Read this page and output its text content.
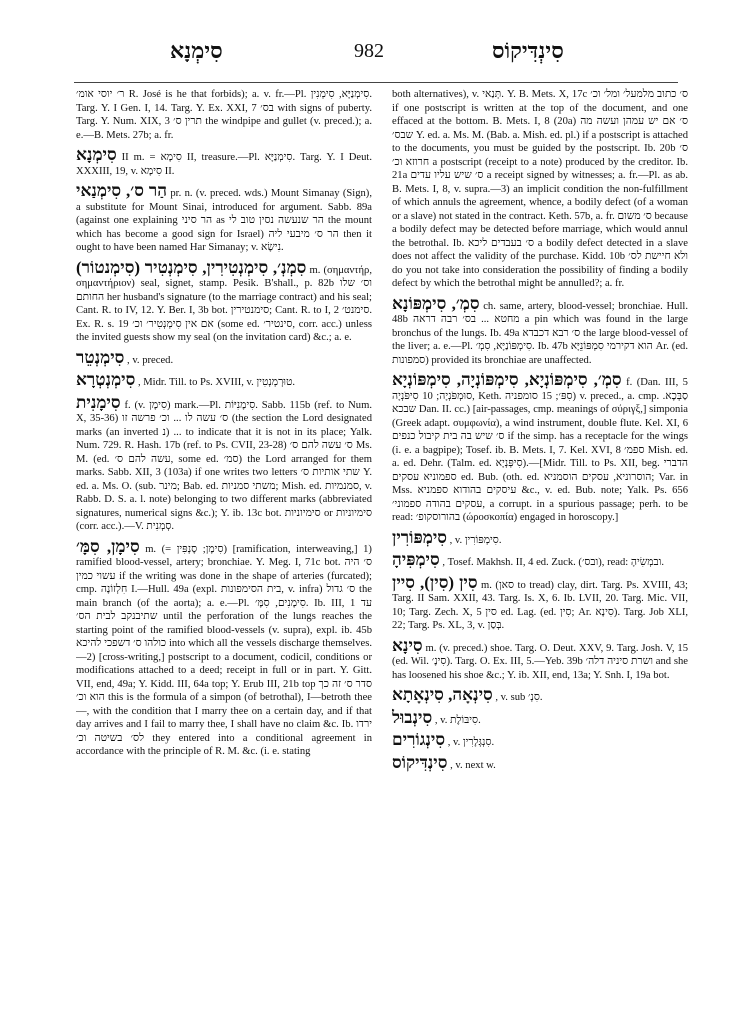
סִימְנָא	982	סִינְדִּיקוֹס

ר׳ יוסי אומ׳ R. José is he that forbids); a. v. fr.—Pl. סִימְנַיָּא, סִימְנִין. Targ. Y. I Gen. I, 14. Targ. Y. Ex. XXI, 7 בס׳ with signs of puberty. Targ. Y. Num. XIX, 3 תרין ס׳ the windpipe and gullet (v. preced.); a. e.—B. Mets. 27b; a. fr.

סִימְנָא II m. = סִימָא II, treasure.—Pl. סִימְנַיָּא. Targ. Y. I Deut. XXXIII, 19, v. סִימָא II.

הַר ס׳, סִימְנַאי pr. n. (v. preced. wds.) Mount Simanay (Sign), a substitute for Mount Sinai, introduced for argument. Sabb. 89a (against one explaining הר סיני as הר שנעשה נסין טוב לי the mount which has become a good sign for Israel) הר ס׳ מיבעי ליה then it ought to have been named Har Simanay; v. נִישָׂא.

(סִימְנטוֹר) סִמְנְ׳, סִימְנְטִירִין, סִימְנְטִיר m. (σημαντήρ, σημαντήριον) seal, signet, stamp. Pesik. B'shall., p. 82b וס׳ שלו החותם her husband's signature (to the marriage contract) and his seal; Cant. R. to IV, 12. Y. Ber. I, 3b bot. סימנטירין; Cant. R. to I, 2 סימנט׳. Ex. R. s. 19 אם אין סִימְנְטִיר׳ וכ׳ (some ed. סינטיר׳, corr. acc.) unless the invited guests show my seal (on the invitation card) &c.; a. e.

סִימְנְטֵר , v. preced.

סִימְנְטְרָא , Midr. Till. to Ps. XVIII, v. טוּרְמְנְטִין.

סִימָנִית f. (v. סִימָן) mark.—Pl. סִימָנִיּוֹת. Sabb. 115b (ref. to Num. X, 35-36) ס׳ עשה לו ... וכ׳ פרשה זו (the section the Lord designated marks (an inverted נ) ... to indicate that it is not in its place; Yalk. Num. 729. R. Hash. 17b (ref. to Ps. CVII, 23-28) ס׳ עשה להם ס׳ Ms. M. (ed. עשה להם ס׳, some ed. סמ׳) the Lord arranged for them marks. Sabb. XII, 3 (103a) if one writes two letters שתי אותיות ס׳ Y. ed. a. Ms. O. (sub. מינר; Bab. ed. משתי סמניות; Mish. ed. סמנמיות, v. Rabb. D. S. a. l. note) belonging to two different marks (abbreviated signatures, numerical signs &c.); Y. ib. 13c bot. סימיוניות or סימיוניות (corr. acc.).—V. סְמְנִית.

סִימָן, סִמָּ׳ m. (= סִימָן; סָנְפִּין) [ramification, interweaving,] 1) ramified blood-vessel, artery; bronchiae. Y. Meg. I, 71c bot. ס׳ היה עשוי כמין if the writing was done in the shape of arteries (furcated); cmp. חִלְזוֹנָה I.—Hull. 49a (expl. בית הסימפונות, v. infra) ס׳ גדול the main branch (of the aorta); a. e.—Pl. סִימָנִים, סִמָּ׳. Ib. III, 1 עד שתיבנקב לבית הס׳ until the perforation of the lungs reaches the starting point of the ramified blood-vessels (v. supra), expl. ib. 45b כולהו ס׳ דשפכי להיכא into which all the vessels discharge themselves.—2) [cross-writing,] postscript to a document, codicil, conditions or modifications attached to a deed; receipt in full or in part. Y. Gitt. VII, end, 49a; Y. Kidd. III, 64a top; Y. Erub III, 21b top סדר ס׳ זה כך הוא וכ׳ this is the formula of a simpon (of betrothal), I—betroth thee—, with the condition that I marry thee on a certain day, and if that day arrives and I fail to marry thee, I shall have no claim &c. Ib. ירדו לס׳ בשיטה וכ׳ they entered into a conditional agreement in accordance with the principle of R. M. &c. (i. e. stating

both alternatives), v. תְּנַאי. Y. B. Mets. X, 17c ס׳ כתוב מלמעל׳ ומל׳ וכ׳ if one postscript is written at the top of the document, and one effaced at the bottom. B. Mets. I, 8 (20a) ס׳ אם יש עמהן ועשה מה שבס׳ Y. ed. a. Ms. M. (Bab. a. Mish. ed. pl.) if a postscript is attached to the documents, you must be guided by the postscript. Ib. 20b ס׳ חרוזא וכ׳ a postscript (receipt to a note) produced by the creditor. Ib. 21a ס׳ שיש עליו עדים a receipt signed by witnesses; a. fr.—Pl. as ab. B. Mets. I, 8, v. supra.—3) an implicit condition the non-fulfillment of which annuls the agreement, whence, a bodily defect (of a woman or a slave) not stated in the contract. Keth. 57b, a. fr. ס׳ משום because a bodily defect may be detected before marriage, which would annul the betrothal. Ib. ס׳ בעבדים ליכא a bodily defect detected in a slave does not affect the validity of the purchase. Kidd. 10b ולא חיישת לס׳ do you not take into consideration the possibility of finding a bodily defect by which the betrothal might be annulled?; a. fr.

סִמְ׳, סִימְפּוֹנָא ch. same, artery, blood-vessel; bronchiae. Hull. 48b מחטא ... בס׳ רבה דראה a pin which was found in the large bronchus of the lungs. Ib. 49a ס׳ רבא דכבדא the large blood-vessel of the liver; a. e.—Pl. סִימְפּוֹנַיָּא, סִמְ׳. Ib. 47b הוא דקירמי סִמְפּוֹנֵיָּא Ar. (ed. סמפונות) provided its bronchiae are unaffected.

סִמְ׳, סִימְפּוֹנְיָא, סִימְפּוֹנְיָה, סִימְפּוֹנְיָא f. (Dan. III, 5 סוּמְפֹּנְיָה; 10 סִיפֹּנְיָה, Keth. סִפּ׳; 15 סומפניה) v. preced., a. cmp. סַבְּכָא. שבכא Dan. II. cc.) [air-passages, cmp. meanings of σύριγξ,] simponia (Greek adapt. συμφωνία), a wind instrument, double flute. Kel. XI, 6 ס׳ שיש בה בית קיבול כנפים if the simp. has a receptacle for the wings (i. e. a bagpipe); Tosef. ib. B. Mets. I, 7. Kel. XVI, 8 ספמ׳ Mish. ed. a. ed. Dehr. (Talm. ed. סִיפְּנְיָא).—[Midr. Till. to Ps. XII, beg. הדברי ספמוניא עסקים ed. Bub. (oth. ed. הוסרוניא, עסקים הוסמניא; Var. in Mss. עיסקים בהודוא ספמניא &c., v. ed. Bub. note; Yalk. Ps. 656 עסקים בהודה ספמוני׳, a corrupt. in a spurious passage; perh. to be read: בהורוסקופ׳ (ώροσκοπία) engaged in horoscopy.]

סִימְפּוֹרִין , v. סִימְפּוֹרִין.

סִימְפִּיהָ , Tosef. Makhsh. II, 4 ed. Zuck. (ובס׳), read: ובמְשִׂיהָ.

סִין (סִין), סִיין m. (סאן to tread) clay, dirt. Targ. Ps. XVIII, 43; Targ. II Sam. XXII, 43. Targ. Is. X, 6. Ib. LVII, 20. Targ. Mic. VII, 10; Targ. Zech. X, 5 סין ed. Lag. (ed. סִין; Ar. סִינָא). Targ. Job XLI, 22; Targ. Ps. XL, 3, v. בְּסַן.

סִינָא m. (v. preced.) shoe. Targ. O. Deut. XXV, 9. Targ. Josh. V, 15 (ed. Wil. סִינָ׳). Targ. O. Ex. III, 5.—Yeb. 39b ושרת סיניה דלה׳ and she has loosened his shoe &c.; Y. ib. XII, end, 13a; Y. Snh. I, 19a bot.

סִינְאָה, סִינְאָתָא , v. sub סִנְ׳.

סִינְבוּל , v. סִיבּוֹלֶת.

סִינְגוֹרִים , v. סִנְגְּלָרִין.

סִינְדִּיקוֹס , v. next w.
